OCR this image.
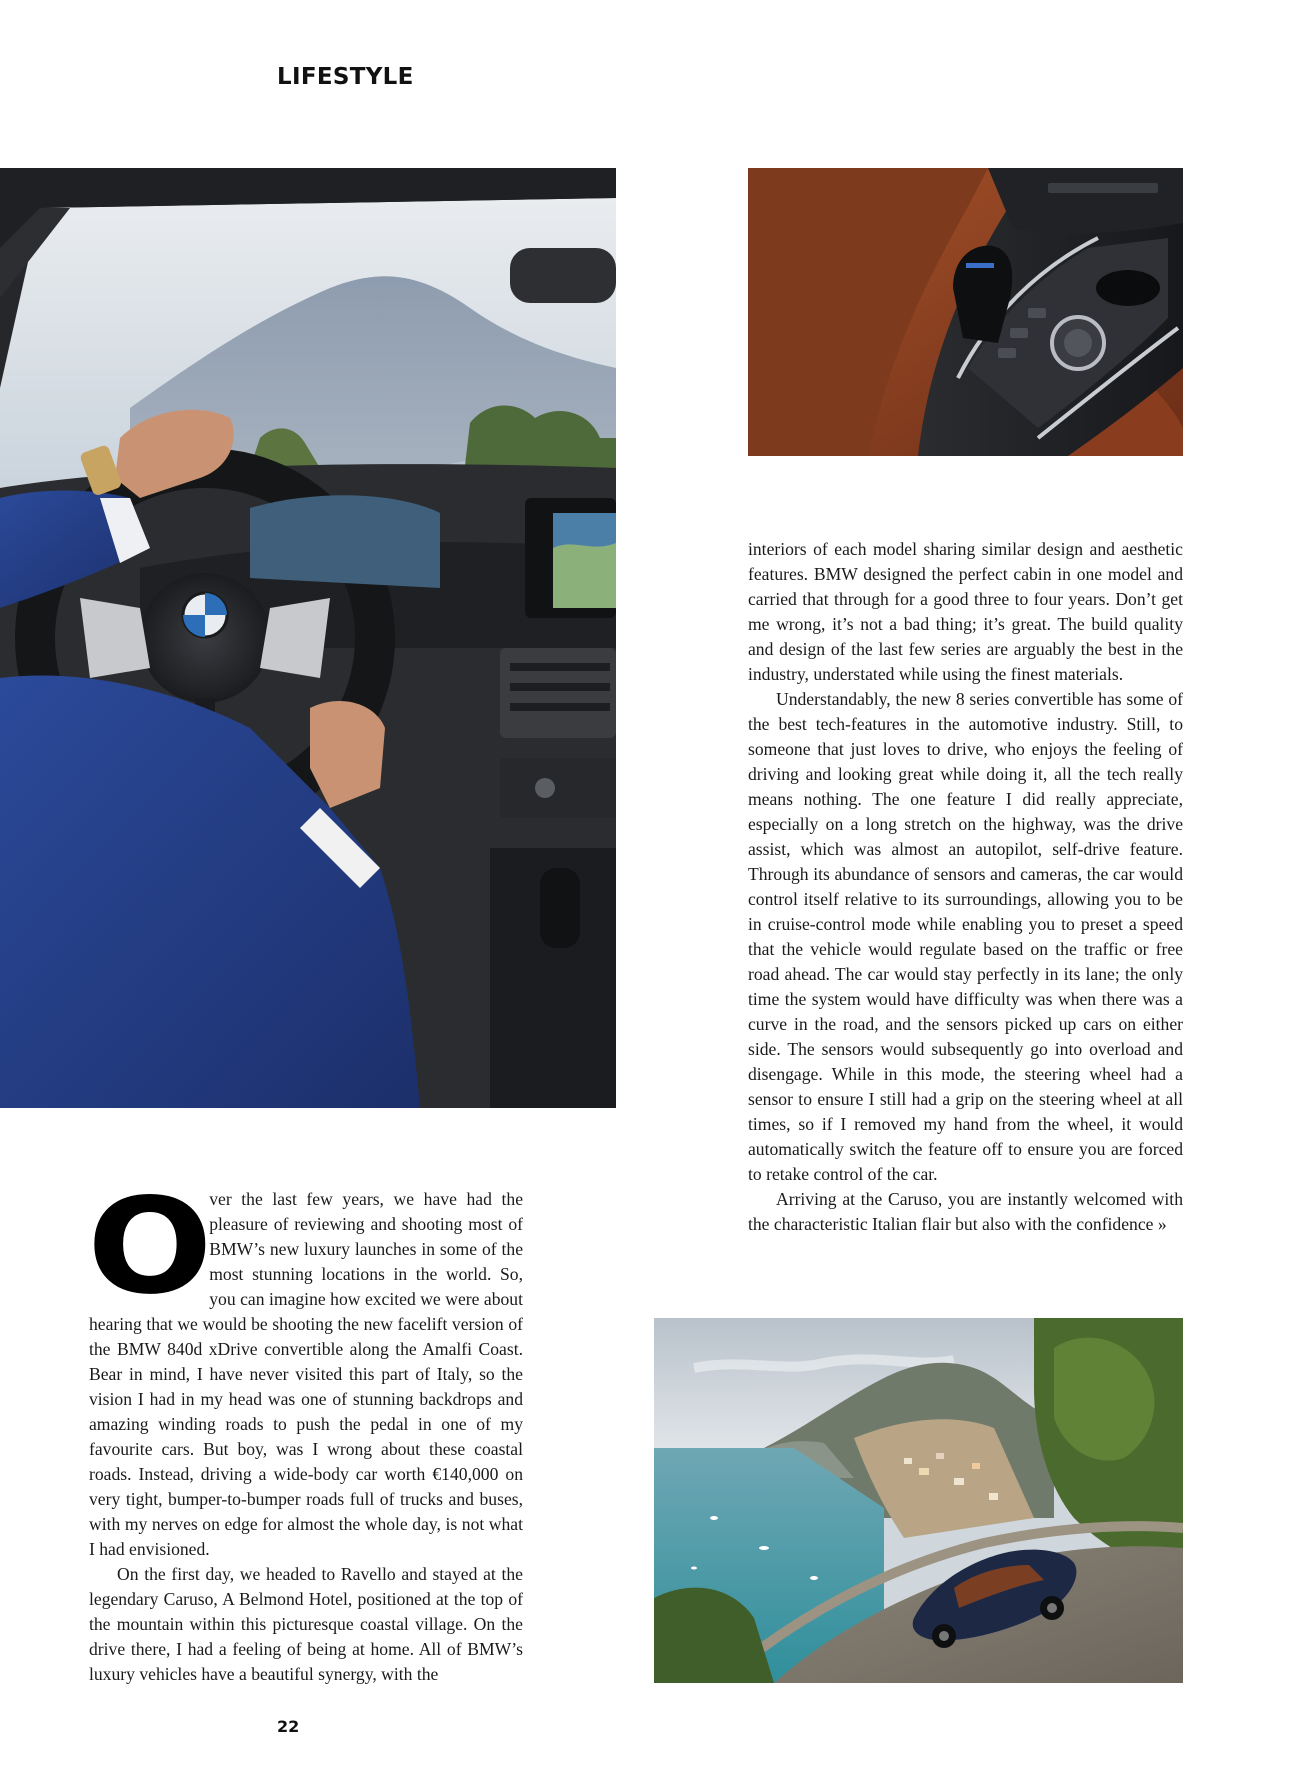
LIFESTYLE
O

ver the last few years, we have had the pleasure of reviewing and shooting most of BMW’s new luxury launches in some of the most stunning locations in the world. So, you can imagine how excited we were about hearing that we would be shooting the new facelift version of the BMW 840d xDrive convertible along the Amalfi Coast. Bear in mind, I have never visited this part of Italy, so the vision I had in my head was one of stunning backdrops and amazing winding roads to push the pedal in one of my favourite cars. But boy, was I wrong about these coastal roads. Instead, driving a wide-body car worth €140,000 on very tight, bumper-to-bumper roads full of trucks and buses, with my nerves on edge for almost the whole day, is not what I had envisioned.

On the first day, we headed to Ravello and stayed at the legendary Caruso, A Belmond Hotel, positioned at the top of the mountain within this picturesque coastal village. On the drive there, I had a feeling of being at home. All of BMW’s luxury vehicles have a beautiful synergy, with the

interiors of each model sharing similar design and aesthetic features. BMW designed the perfect cabin in one model and carried that through for a good three to four years. Don’t get me wrong, it’s not a bad thing; it’s great. The build quality and design of the last few series are arguably the best in the industry, understated while using the finest materials.

Understandably, the new 8 series convertible has some of the best tech-features in the automotive industry. Still, to someone that just loves to drive, who enjoys the feeling of driving and looking great while doing it, all the tech really means nothing. The one feature I did really appreciate, especially on a long stretch on the highway, was the drive assist, which was almost an autopilot, self-drive feature. Through its abundance of sensors and cameras, the car would control itself relative to its surroundings, allowing you to be in cruise-control mode while enabling you to preset a speed that the vehicle would regulate based on the traffic or free road ahead. The car would stay perfectly in its lane; the only time the system would have difficulty was when there was a curve in the road, and the sensors picked up cars on either side. The sensors would subsequently go into overload and disengage. While in this mode, the steering wheel had a sensor to ensure I still had a grip on the steering wheel at all times, so if I removed my hand from the wheel, it would automatically switch the feature off to ensure you are forced to retake control of the car.

Arriving at the Caruso, you are instantly welcomed with the characteristic Italian flair but also with the confidence »

22
